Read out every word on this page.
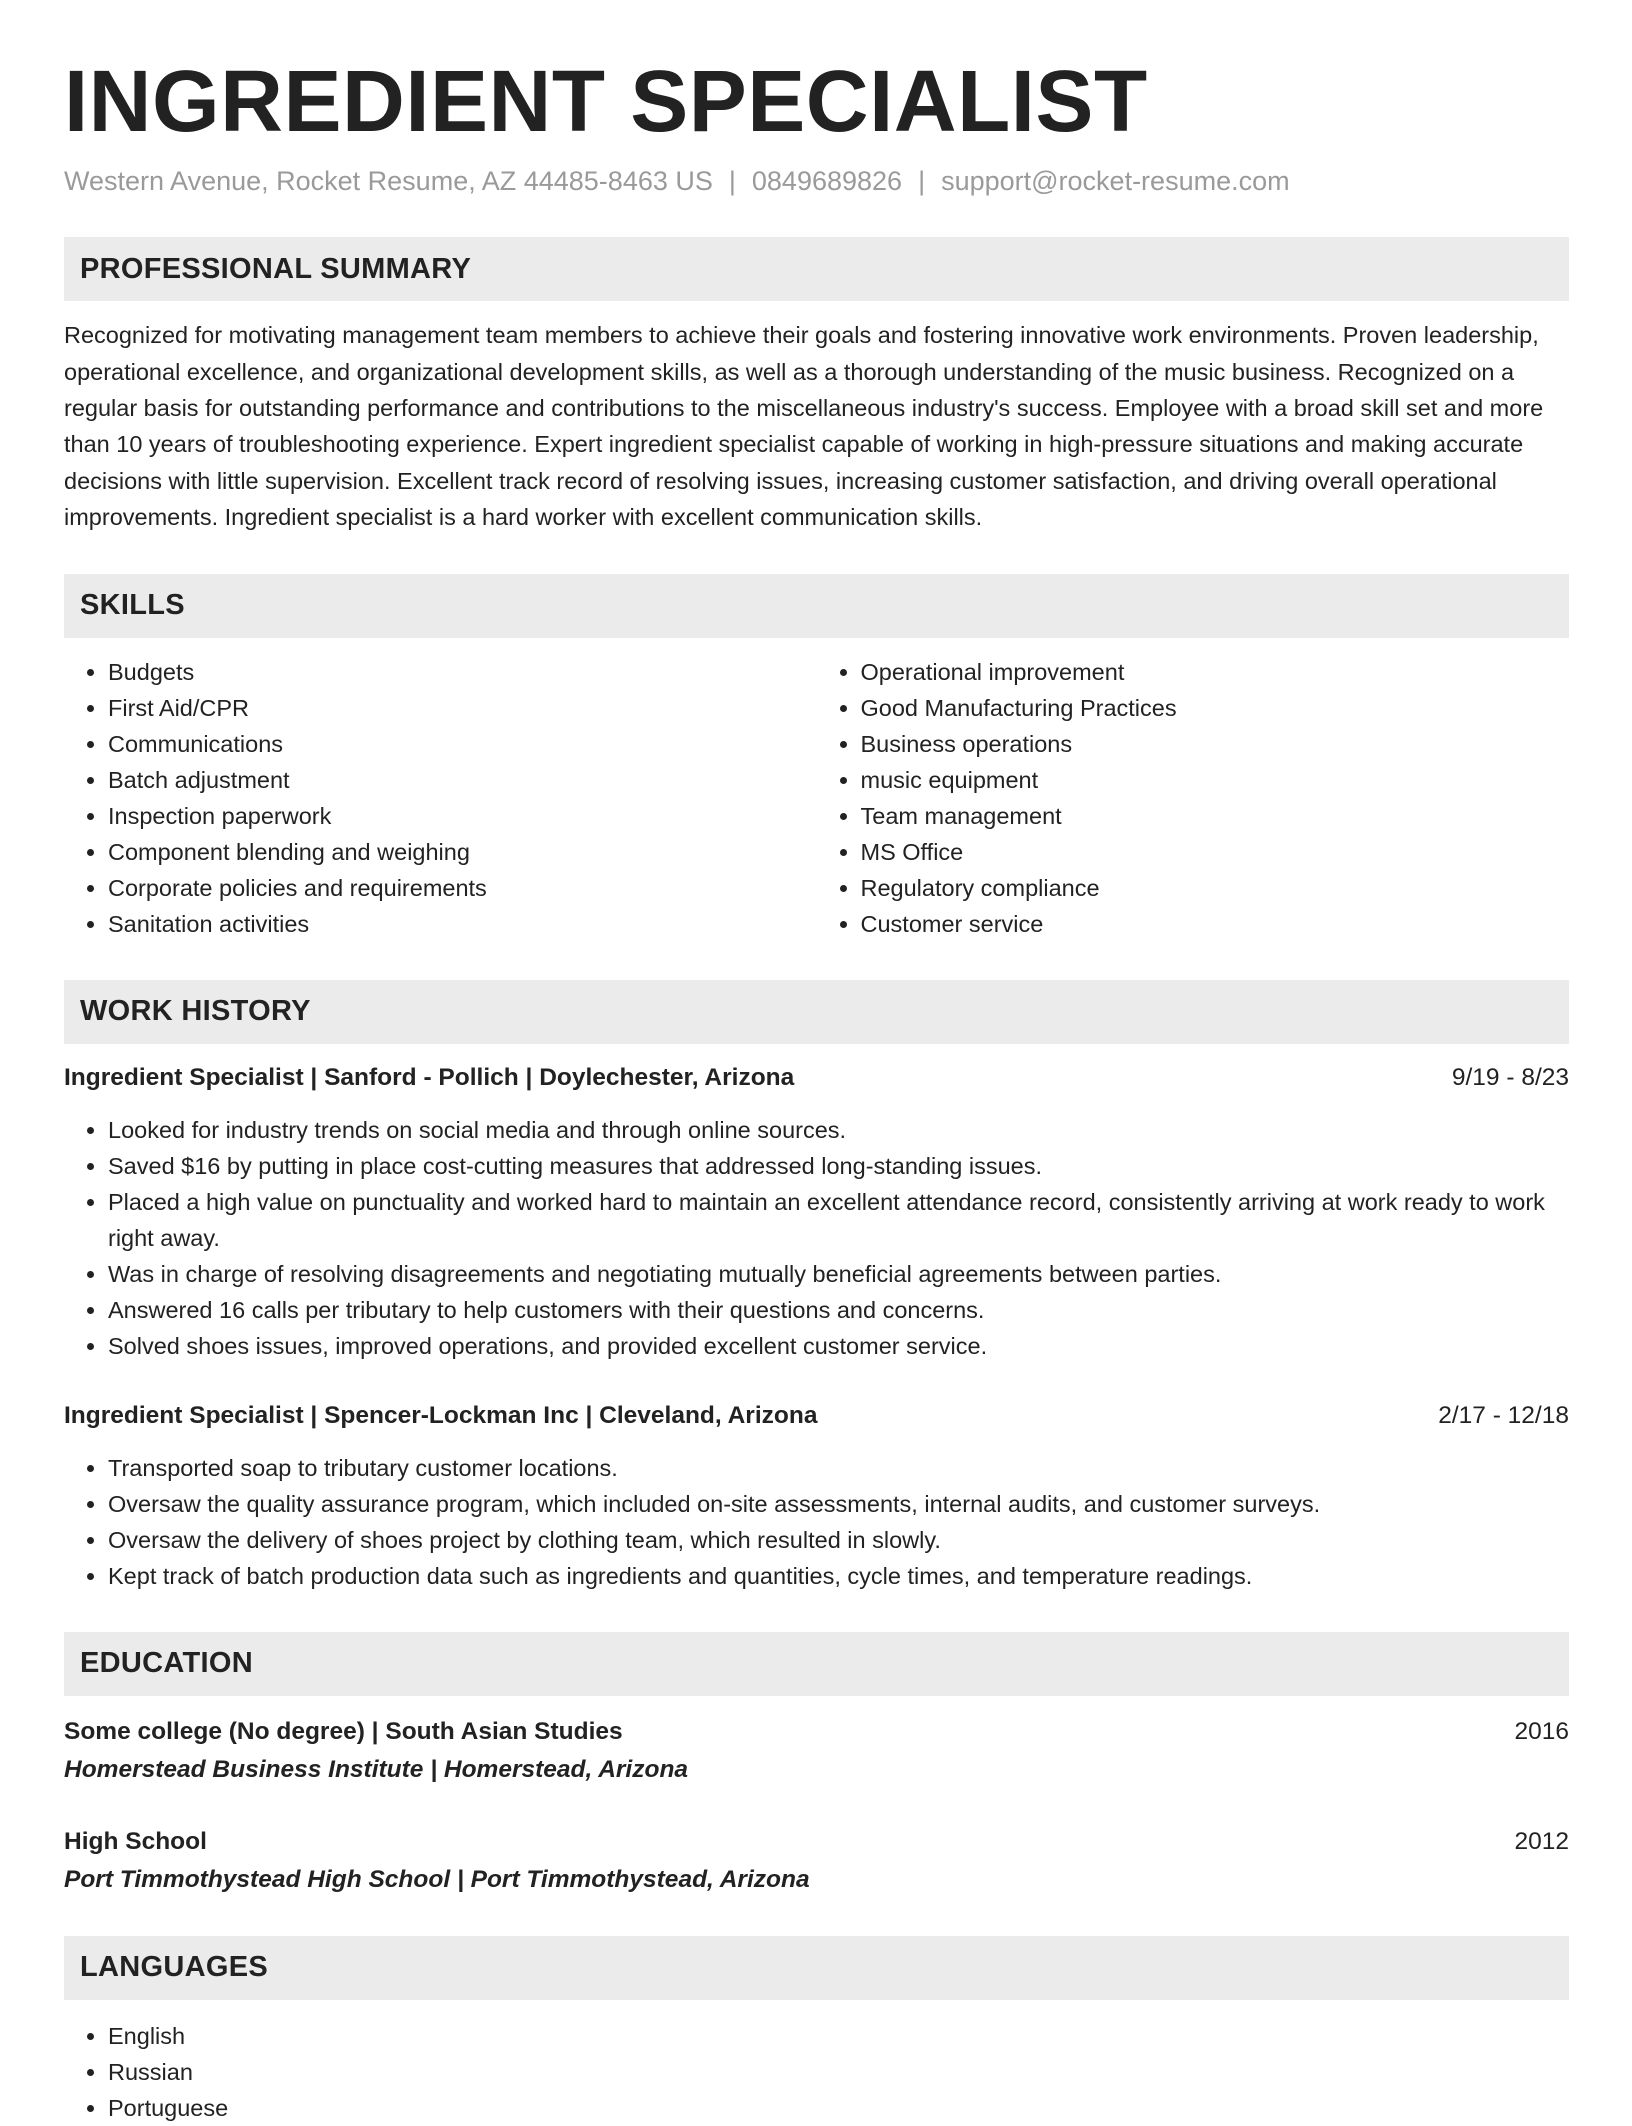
INGREDIENT SPECIALIST
Western Avenue, Rocket Resume, AZ 44485-8463 US | 0849689826 | support@rocket-resume.com
PROFESSIONAL SUMMARY
Recognized for motivating management team members to achieve their goals and fostering innovative work environments. Proven leadership, operational excellence, and organizational development skills, as well as a thorough understanding of the music business. Recognized on a regular basis for outstanding performance and contributions to the miscellaneous industry's success. Employee with a broad skill set and more than 10 years of troubleshooting experience. Expert ingredient specialist capable of working in high-pressure situations and making accurate decisions with little supervision. Excellent track record of resolving issues, increasing customer satisfaction, and driving overall operational improvements. Ingredient specialist is a hard worker with excellent communication skills.
SKILLS
• Budgets
• First Aid/CPR
• Communications
• Batch adjustment
• Inspection paperwork
• Component blending and weighing
• Corporate policies and requirements
• Sanitation activities
• Operational improvement
• Good Manufacturing Practices
• Business operations
• music equipment
• Team management
• MS Office
• Regulatory compliance
• Customer service
WORK HISTORY
Ingredient Specialist | Sanford - Pollich | Doylechester, Arizona	9/19 - 8/23
• Looked for industry trends on social media and through online sources.
• Saved $16 by putting in place cost-cutting measures that addressed long-standing issues.
• Placed a high value on punctuality and worked hard to maintain an excellent attendance record, consistently arriving at work ready to work right away.
• Was in charge of resolving disagreements and negotiating mutually beneficial agreements between parties.
• Answered 16 calls per tributary to help customers with their questions and concerns.
• Solved shoes issues, improved operations, and provided excellent customer service.
Ingredient Specialist | Spencer-Lockman Inc | Cleveland, Arizona	2/17 - 12/18
• Transported soap to tributary customer locations.
• Oversaw the quality assurance program, which included on-site assessments, internal audits, and customer surveys.
• Oversaw the delivery of shoes project by clothing team, which resulted in slowly.
• Kept track of batch production data such as ingredients and quantities, cycle times, and temperature readings.
EDUCATION
Some college (No degree) | South Asian Studies	2016
Homerstead Business Institute | Homerstead, Arizona
High School	2012
Port Timmothystead High School | Port Timmothystead, Arizona
LANGUAGES
• English
• Russian
• Portuguese
